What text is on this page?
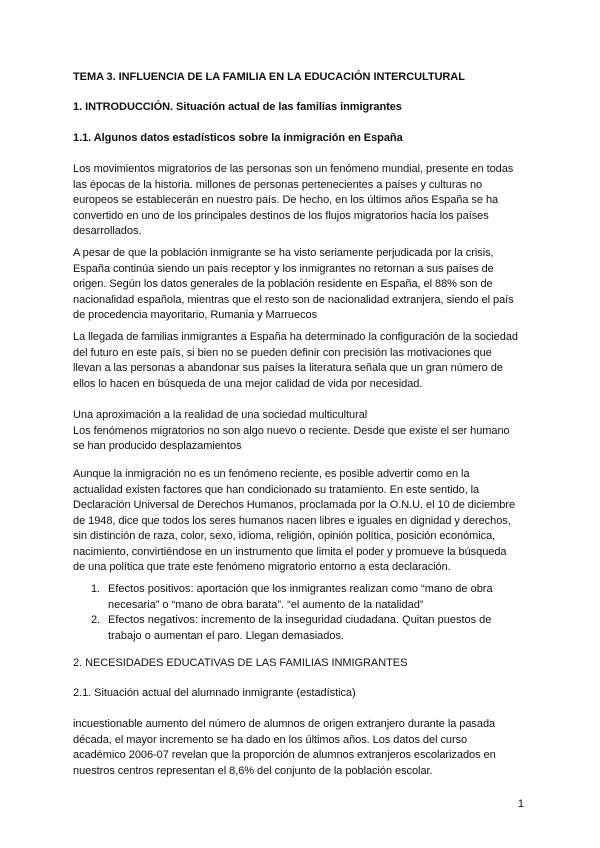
TEMA 3. INFLUENCIA DE LA FAMILIA EN LA EDUCACIÓN INTERCULTURAL

1. INTRODUCCIÓN. Situación actual de las familias inmigrantes

1.1. Algunos datos estadísticos sobre la inmigración en España

Los movimientos migratorios de las personas son un fenómeno mundial, presente en todas
las épocas de la historia. millones de personas pertenecientes a países y culturas no
europeos se establecerán en nuestro país. De hecho, en los últimos años España se ha
convertido en uno de los principales destinos de los flujos migratorios hacia los países
desarrollados.

A pesar de que la población inmigrante se ha visto seriamente perjudicada por la crisis,
España continúa siendo un país receptor y los inmigrantes no retornan a sus países de
origen. Según los datos generales de la población residente en España, el 88% son de
nacionalidad española, mientras que el resto son de nacionalidad extranjera, siendo el país
de procedencia mayoritario, Rumania y Marruecos

La llegada de familias inmigrantes a España ha determinado la configuración de la sociedad
del futuro en este país, si bien no se pueden definir con precisión las motivaciones que
llevan a las personas a abandonar sus países la literatura señala que un gran número de
ellos lo hacen en búsqueda de una mejor calidad de vida por necesidad.

Una aproximación a la realidad de una sociedad multicultural
Los fenómenos migratorios no son algo nuevo o reciente. Desde que existe el ser humano
se han producido desplazamientos

Aunque la inmigración no es un fenómeno reciente, es posible advertir como en la
actualidad existen factores que han condicionado su tratamiento. En este sentido, la
Declaración Universal de Derechos Humanos, proclamada por la O.N.U. el 10 de diciembre
de 1948, dice que todos los seres humanos nacen libres e iguales en dignidad y derechos,
sin distinción de raza, color, sexo, idioma, religión, opinión política, posición económica,
nacimiento, convirtiéndose en un instrumento que limita el poder y promueve la búsqueda
de una política que trate este fenómeno migratorio entorno a esta declaración.

1. Efectos positivos: aportación que los inmigrantes realizan como “mano de obra
necesaria” o “mano de obra barata”. “el aumento de la natalidad”
2. Efectos negativos: incremento de la inseguridad ciudadana. Quitan puestos de
trabajo o aumentan el paro. Llegan demasiados.

2. NECESIDADES EDUCATIVAS DE LAS FAMILIAS INMIGRANTES

2.1. Situación actual del alumnado inmigrante (estadística)

incuestionable aumento del número de alumnos de origen extranjero durante la pasada
década, el mayor incremento se ha dado en los últimos años. Los datos del curso
académico 2006-07 revelan que la proporción de alumnos extranjeros escolarizados en
nuestros centros representan el 8,6% del conjunto de la población escolar.

1
